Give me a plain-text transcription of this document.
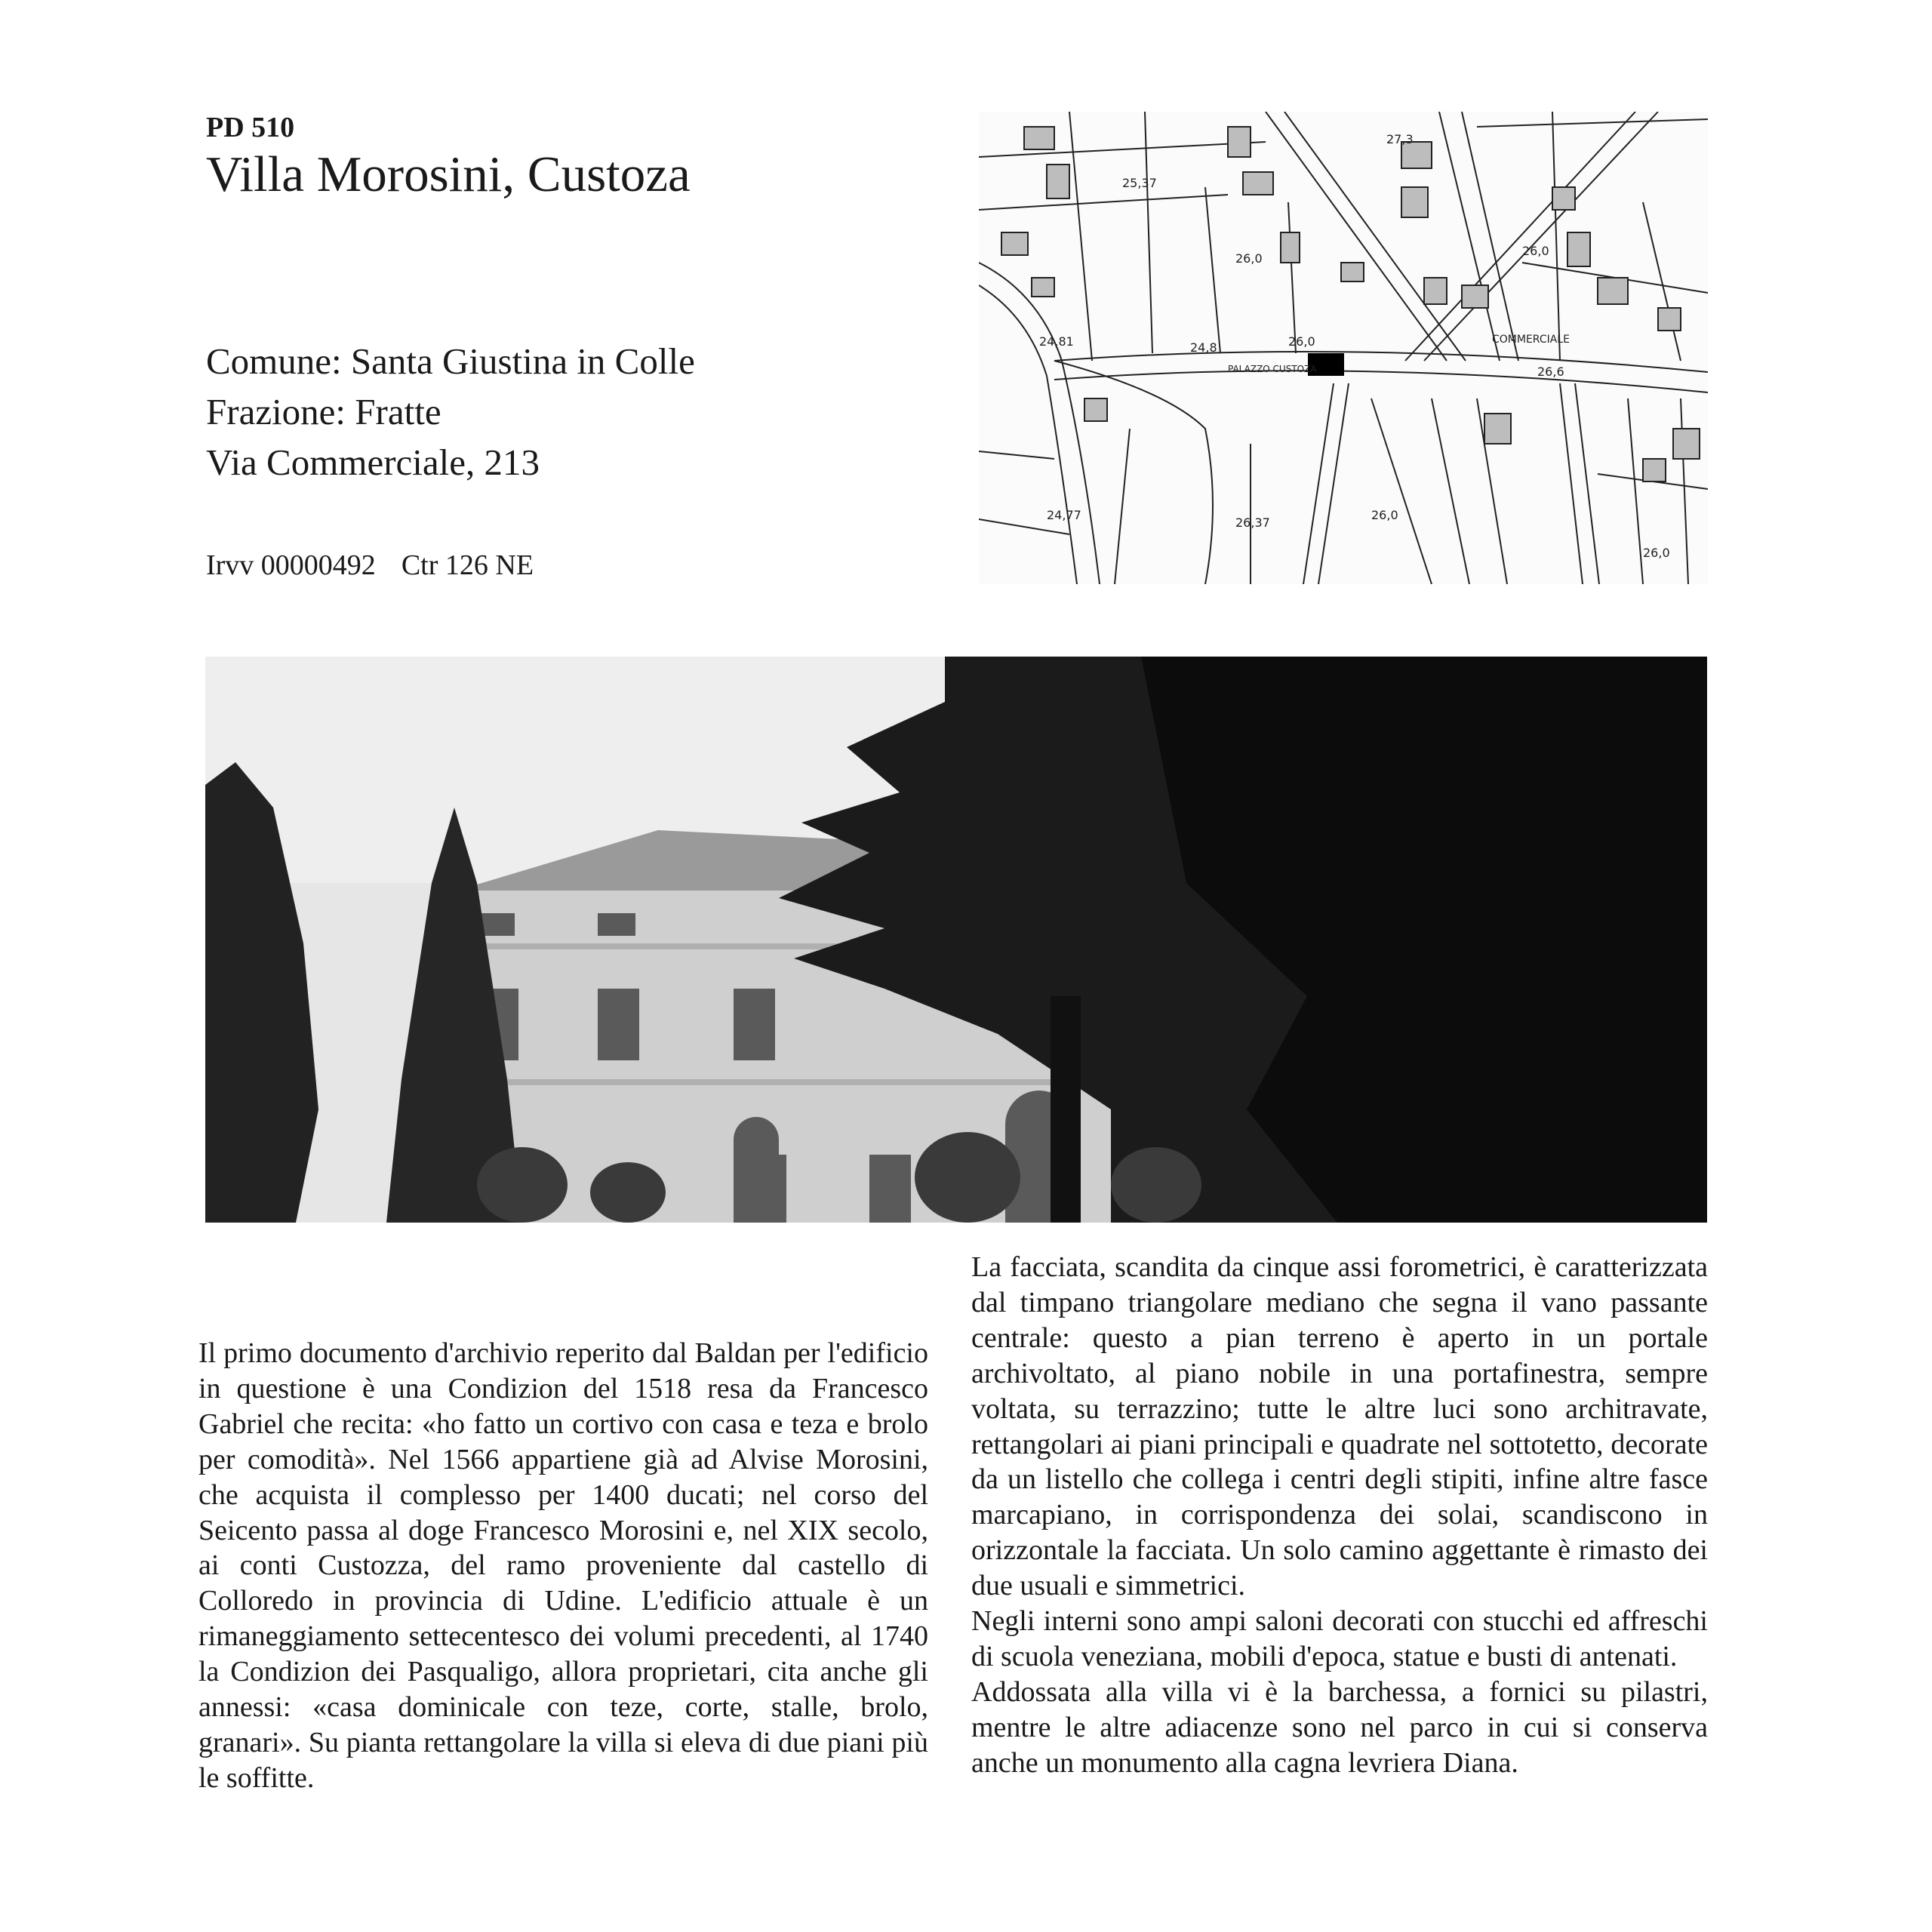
PD 510
Villa Morosini, Custoza
Comune: Santa Giustina in Colle
Frazione: Fratte
Via Commerciale, 213
Irvv 00000492 Ctr 126 NE
25,37
27,3
26,0
26,0
24,81	24,8	26,0	COMMERCIALE
26,6
PALAZZO CUSTOZA
24,77
26,37
26,0
26,0

Il primo documento d'archivio reperito dal Baldan per l'edificio in questione è una Condizion del 1518 resa da Francesco Gabriel che recita: «ho fatto un cortivo con casa e teza e brolo per comodità». Nel 1566 appartiene già ad Alvise Morosini, che acquista il complesso per 1400 ducati; nel corso del Seicento passa al doge Francesco Morosini e, nel XIX secolo, ai conti Custozza, del ramo proveniente dal castello di Colloredo in provincia di Udine. L'edificio attuale è un rimaneggiamento settecentesco dei volumi precedenti, al 1740 la Condizion dei Pasqualigo, allora proprietari, cita anche gli annessi: «casa dominicale con teze, corte, stalle, brolo, granari». Su pianta rettangolare la villa si eleva di due piani più le soffitte.

La facciata, scandita da cinque assi forometrici, è caratterizzata dal timpano triangolare mediano che segna il vano passante centrale: questo a pian terreno è aperto in un portale archivoltato, al piano nobile in una portafinestra, sempre voltata, su terrazzino; tutte le altre luci sono architravate, rettangolari ai piani principali e quadrate nel sottotetto, decorate da un listello che collega i centri degli stipiti, infine altre fasce marcapiano, in corrispondenza dei solai, scandiscono in orizzontale la facciata. Un solo camino aggettante è rimasto dei due usuali e simmetrici.

Negli interni sono ampi saloni decorati con stucchi ed affreschi di scuola veneziana, mobili d'epoca, statue e busti di antenati.

Addossata alla villa vi è la barchessa, a fornici su pilastri, mentre le altre adiacenze sono nel parco in cui si conserva anche un monumento alla cagna levriera Diana.
